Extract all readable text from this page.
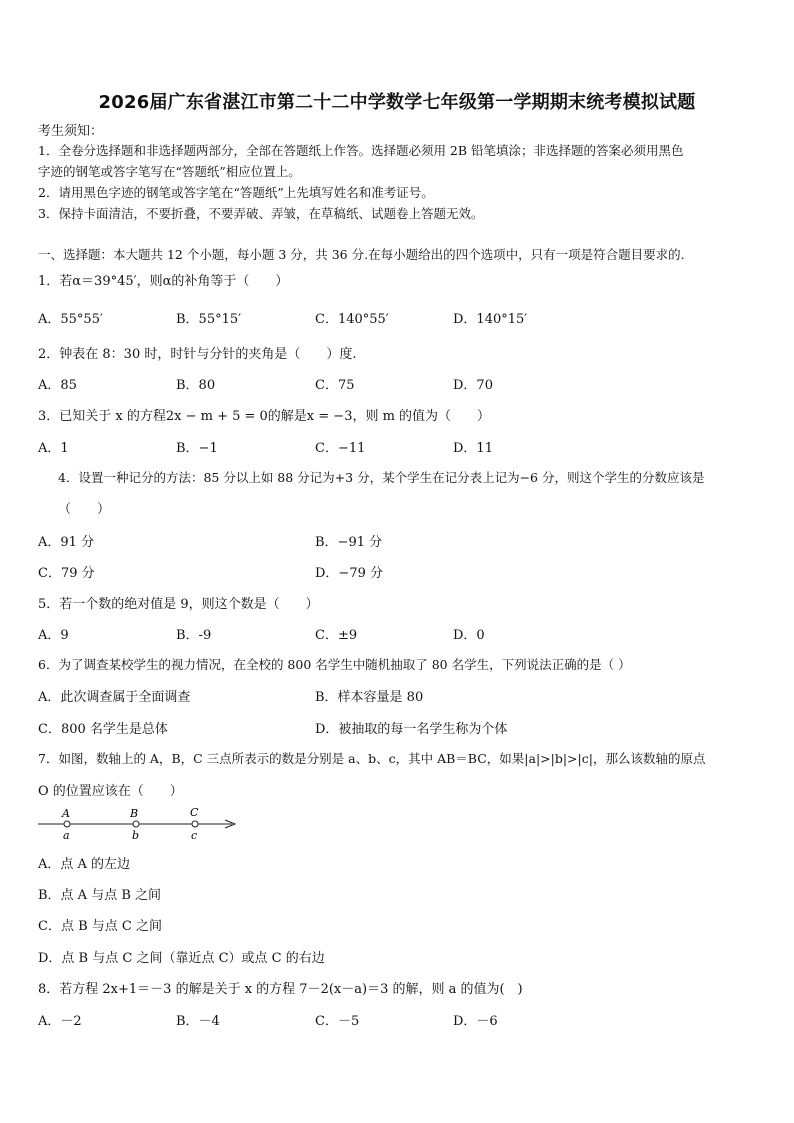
2026届广东省湛江市第二十二中学数学七年级第一学期期末统考模拟试题
考生须知：
1．全卷分选择题和非选择题两部分，全部在答题纸上作答。选择题必须用 2B 铅笔填涂；非选择题的答案必须用黑色
字迹的钢笔或答字笔写在“答题纸”相应位置上。
2．请用黑色字迹的钢笔或答字笔在“答题纸”上先填写姓名和准考证号。
3．保持卡面清洁，不要折叠，不要弄破、弄皱，在草稿纸、试题卷上答题无效。
一、选择题：本大题共 12 个小题，每小题 3 分，共 36 分.在每小题给出的四个选项中，只有一项是符合题目要求的.
1．若α＝39°45′，则α的补角等于（　　）
A．55°55′	B．55°15′	C．140°55′	D．140°15′
2．钟表在 8：30 时，时针与分针的夹角是（　　）度.
A．85	B．80	C．75	D．70
3．已知关于 x 的方程2x − m + 5 = 0的解是x = −3，则 m 的值为（　　）
A．1	B．−1	C．−11	D．11
4．设置一种记分的方法：85 分以上如 88 分记为+3 分，某个学生在记分表上记为−6 分，则这个学生的分数应该是
（　　）
A．91 分	B．−91 分
C．79 分	D．−79 分
5．若一个数的绝对值是 9，则这个数是（　　）
A．9	B．-9	C．±9	D．0
6．为了调查某校学生的视力情况，在全校的 800 名学生中随机抽取了 80 名学生，下列说法正确的是（ ）
A．此次调查属于全面调查	B．样本容量是 80
C．800 名学生是总体	D．被抽取的每一名学生称为个体
7．如图，数轴上的 A，B，C 三点所表示的数是分别是 a、b、c，其中 AB＝BC，如果|a|>|b|>|c|，那么该数轴的原点
O 的位置应该在（　　）
A	B	C
a	b	c
A．点 A 的左边
B．点 A 与点 B 之间
C．点 B 与点 C 之间
D．点 B 与点 C 之间（靠近点 C）或点 C 的右边
8．若方程 2x+1＝－3 的解是关于 x 的方程 7－2(x－a)＝3 的解，则 a 的值为(　)
A．－2	B．－4	C．－5	D．－6
